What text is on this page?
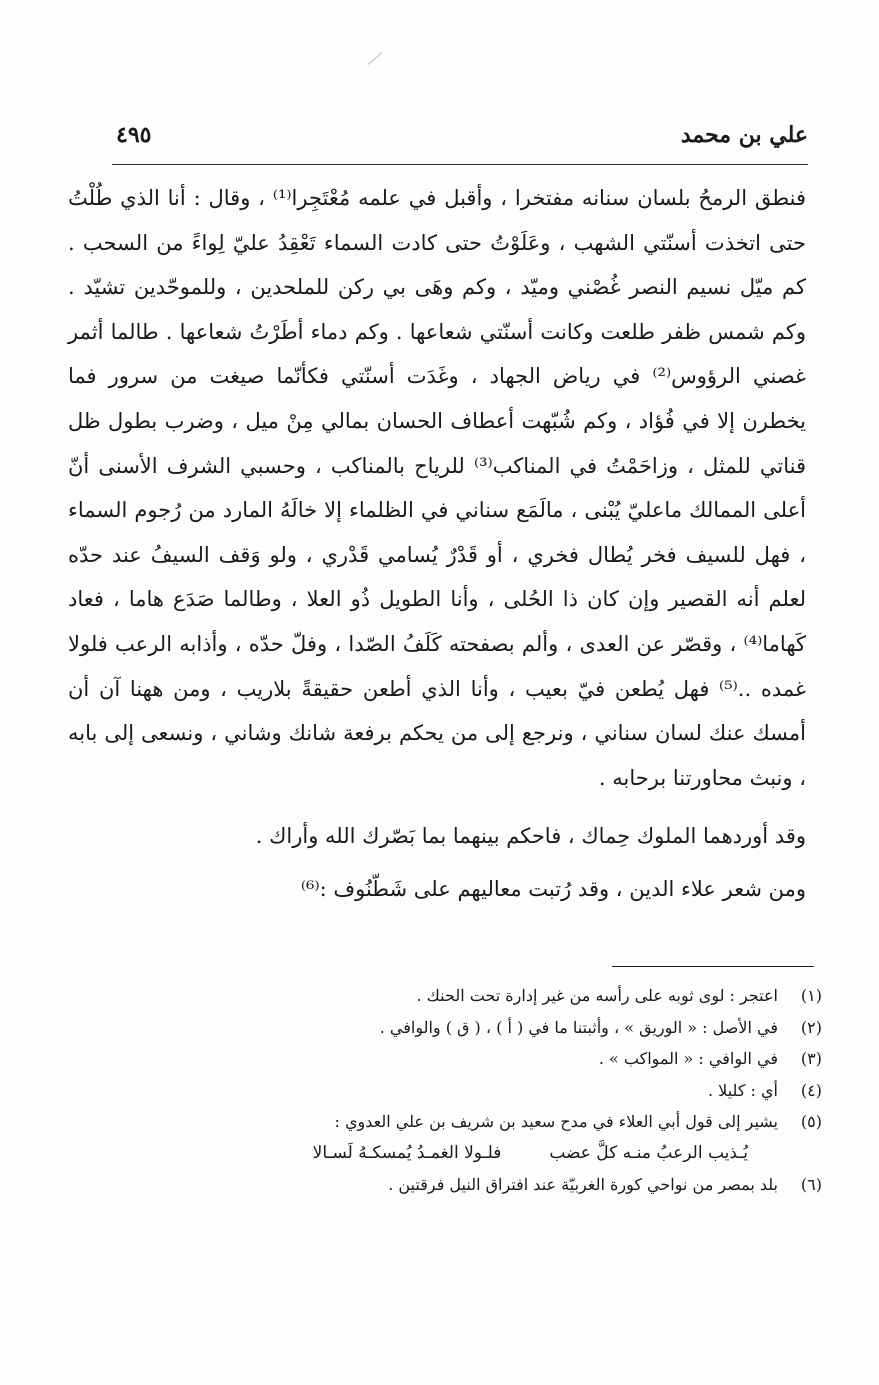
علي بن محمد
٤٩٥

فنطق الرمحُ بلسان سنانه مفتخرا ، وأقبل في علمه مُعْتَجِرا⁽¹⁾ ، وقال : أنا الذي طُلْتُ حتى اتخذت أسنّتي الشهب ، وعَلَوْتُ حتى كادت السماء تَعْقِدُ عليّ لِواءً من السحب . كم ميّل نسيم النصر غُصْني وميّد ، وكم وهَى بي ركن للملحدين ، وللموحّدين تشيّد . وكم شمس ظفر طلعت وكانت أسنّتي شعاعها . وكم دماء أطَرْتُ شعاعها . طالما أثمر غصني الرؤوس⁽²⁾ في رياض الجهاد ، وغَدَت أسنّتي فكأنّما صيغت من سرور فما يخطرن إلا في فُؤاد ، وكم شُبّهت أعطاف الحسان بمالي مِنْ ميل ، وضرب بطول ظل قناتي للمثل ، وزاحَمْتُ في المناكب⁽³⁾ للرياح بالمناكب ، وحسبي الشرف الأسنى أنّ أعلى الممالك ماعليّ يُبْنى ، مالَمَع سناني في الظلماء إلا خالَهُ المارد من رُجوم السماء ، فهل للسيف فخر يُطال فخري ، أو قَدْرٌ يُسامي قَدْري ، ولو وَقف السيفُ عند حدّه لعلم أنه القصير وإن كان ذا الحُلى ، وأنا الطويل ذُو العلا ، وطالما صَدَع هاما ، فعاد كَهاما⁽⁴⁾ ، وقصّر عن العدى ، وألم بصفحته كَلَفُ الصّدا ، وفلّ حدّه ، وأذابه الرعب فلولا غمده ..⁽⁵⁾ فهل يُطعن فيّ بعيب ، وأنا الذي أطعن حقيقةً بلاريب ، ومن ههنا آن أن أمسك عنك لسان سناني ، ونرجع إلى من يحكم برفعة شانك وشاني ، ونسعى إلى بابه ، ونبث محاورتنا برحابه .

وقد أوردهما الملوك حِماك ، فاحكم بينهما بما بَصّرك الله وأراك .

ومن شعر علاء الدين ، وقد رُتبت معاليهم على شَطّنُوف :⁽⁶⁾

(١)
اعتجر : لوى ثوبه على رأسه من غير إدارة تحت الحنك .
(٢)
في الأصل : « الوريق » ، وأثبتنا ما في ( أ ) ، ( ق ) والوافي .
(٣)
في الوافي : « المواكب » .
(٤)
أي : كليلا .
(٥)
يشير إلى قول أبي العلاء في مدح سعيد بن شريف بن علي العدوي :
يُـذيب الرعبُ منـه كلَّ عضب
فلـولا الغمـدُ يُمسكـهُ لَسـالا
(٦)
بلد بمصر من نواحي كورة الغربيّة عند افتراق النيل فرقتين .
